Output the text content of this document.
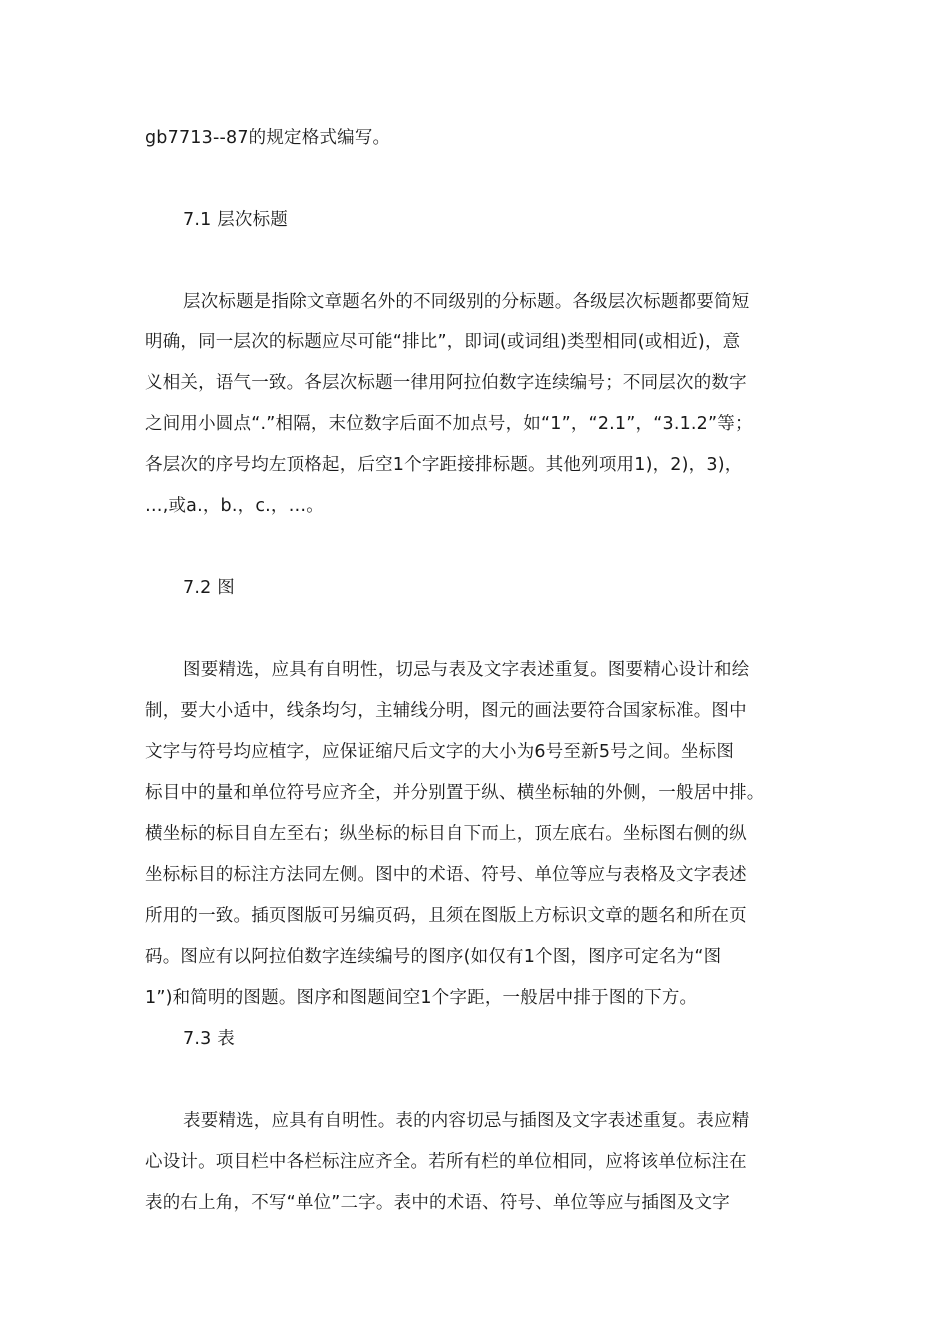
gb7713--87的规定格式编写。
7.1 层次标题
层次标题是指除文章题名外的不同级别的分标题。各级层次标题都要简短
明确，同一层次的标题应尽可能“排比”，即词(或词组)类型相同(或相近)，意
义相关，语气一致。各层次标题一律用阿拉伯数字连续编号；不同层次的数字
之间用小圆点“.”相隔，末位数字后面不加点号，如“1”，“2.1”，“3.1.2”等；
各层次的序号均左顶格起，后空1个字距接排标题。其他列项用1)，2)，3)，
…,或a.，b.，c.，…。
7.2 图
图要精选，应具有自明性，切忌与表及文字表述重复。图要精心设计和绘
制，要大小适中，线条均匀，主辅线分明，图元的画法要符合国家标准。图中
文字与符号均应植字，应保证缩尺后文字的大小为6号至新5号之间。坐标图
标目中的量和单位符号应齐全，并分别置于纵、横坐标轴的外侧，一般居中排。
横坐标的标目自左至右；纵坐标的标目自下而上，顶左底右。坐标图右侧的纵
坐标标目的标注方法同左侧。图中的术语、符号、单位等应与表格及文字表述
所用的一致。插页图版可另编页码，且须在图版上方标识文章的题名和所在页
码。图应有以阿拉伯数字连续编号的图序(如仅有1个图，图序可定名为“图
1”)和简明的图题。图序和图题间空1个字距，一般居中排于图的下方。
7.3 表
表要精选，应具有自明性。表的内容切忌与插图及文字表述重复。表应精
心设计。项目栏中各栏标注应齐全。若所有栏的单位相同，应将该单位标注在
表的右上角，不写“单位”二字。表中的术语、符号、单位等应与插图及文字
